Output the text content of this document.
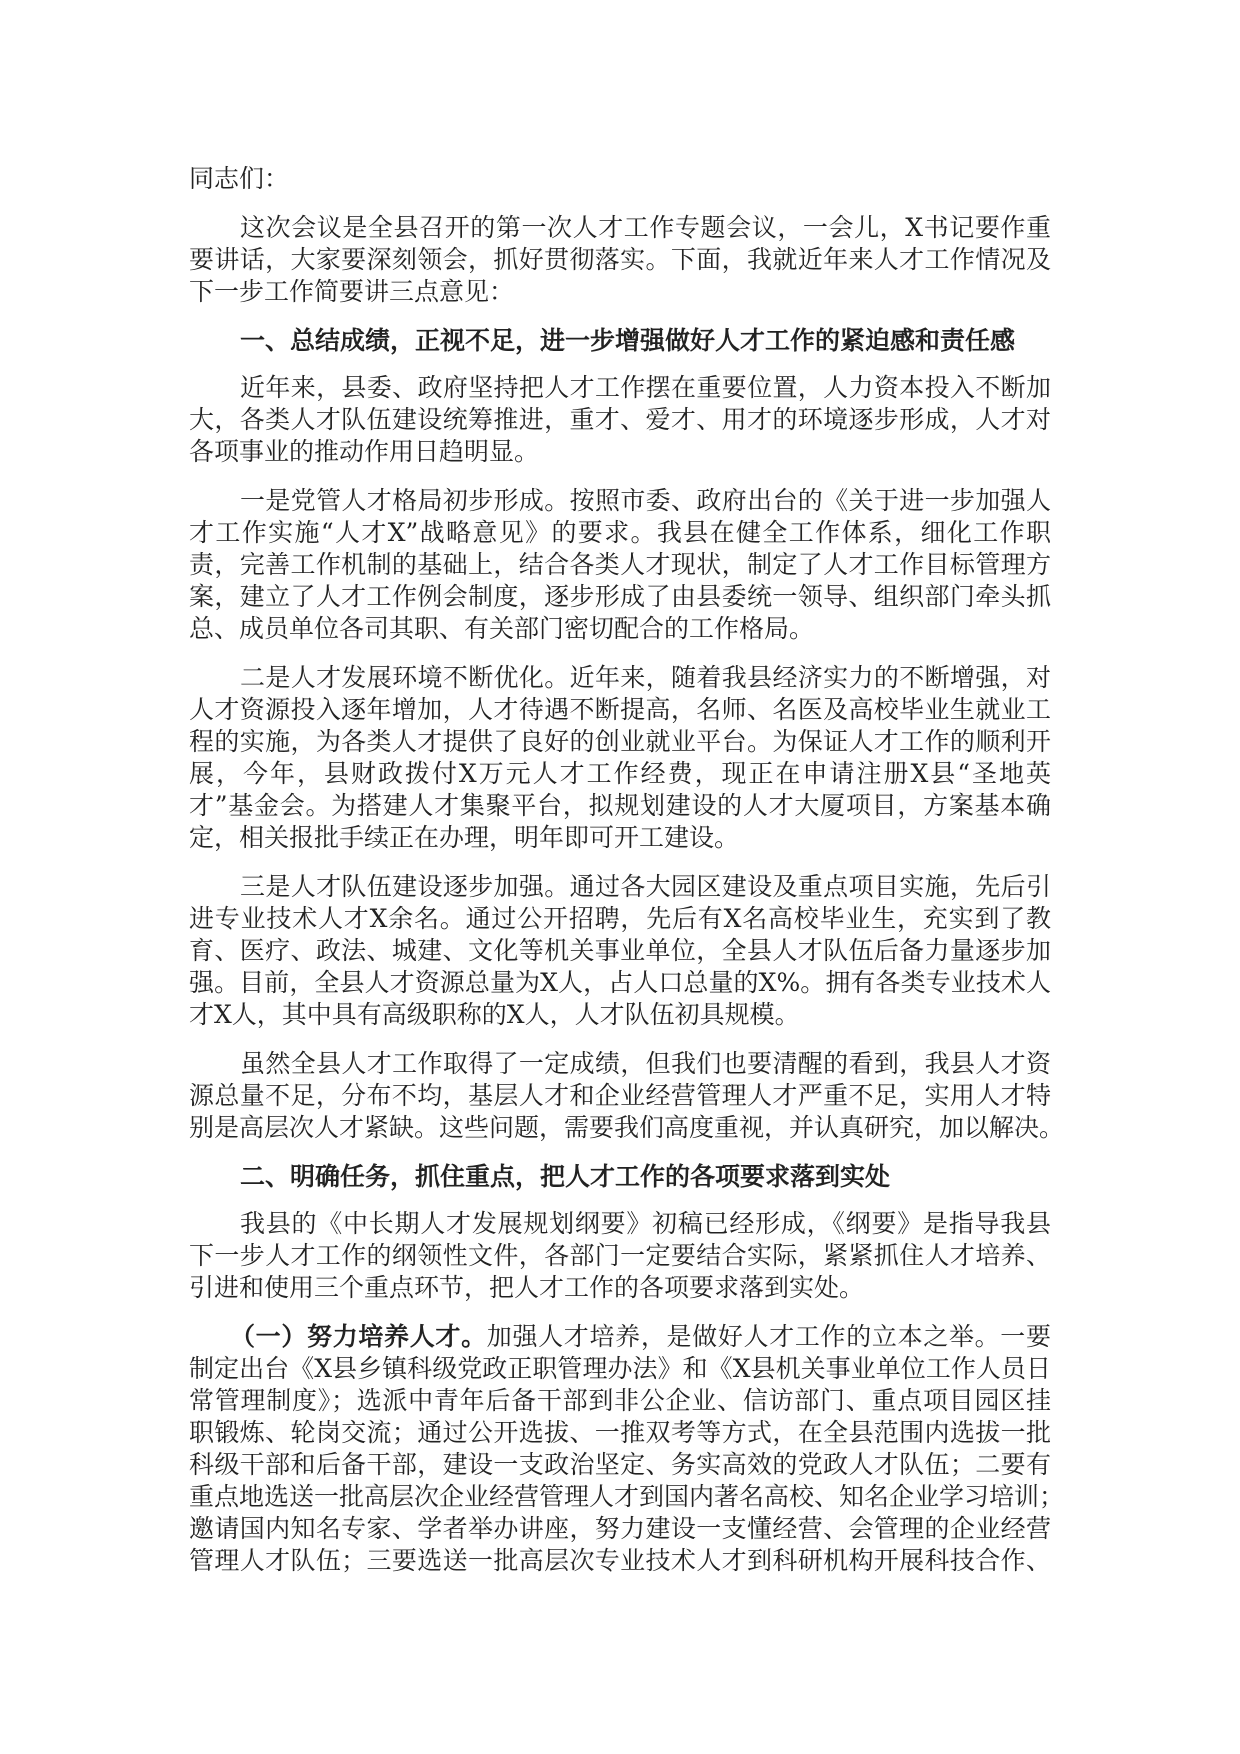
同志们：
这次会议是全县召开的第一次人才工作专题会议，一会儿，X书记要作重
要讲话，大家要深刻领会，抓好贯彻落实。下面，我就近年来人才工作情况及
下一步工作简要讲三点意见：
一、总结成绩，正视不足，进一步增强做好人才工作的紧迫感和责任感
近年来，县委、政府坚持把人才工作摆在重要位置，人力资本投入不断加
大，各类人才队伍建设统筹推进，重才、爱才、用才的环境逐步形成，人才对
各项事业的推动作用日趋明显。
一是党管人才格局初步形成。按照市委、政府出台的《关于进一步加强人
才工作实施“人才X”战略意见》的要求。我县在健全工作体系，细化工作职
责，完善工作机制的基础上，结合各类人才现状，制定了人才工作目标管理方
案，建立了人才工作例会制度，逐步形成了由县委统一领导、组织部门牵头抓
总、成员单位各司其职、有关部门密切配合的工作格局。
二是人才发展环境不断优化。近年来，随着我县经济实力的不断增强，对
人才资源投入逐年增加，人才待遇不断提高，名师、名医及高校毕业生就业工
程的实施，为各类人才提供了良好的创业就业平台。为保证人才工作的顺利开
展，今年，县财政拨付X万元人才工作经费，现正在申请注册X县“圣地英
才”基金会。为搭建人才集聚平台，拟规划建设的人才大厦项目，方案基本确
定，相关报批手续正在办理，明年即可开工建设。
三是人才队伍建设逐步加强。通过各大园区建设及重点项目实施，先后引
进专业技术人才X余名。通过公开招聘，先后有X名高校毕业生，充实到了教
育、医疗、政法、城建、文化等机关事业单位，全县人才队伍后备力量逐步加
强。目前，全县人才资源总量为X人，占人口总量的X%。拥有各类专业技术人
才X人，其中具有高级职称的X人，人才队伍初具规模。
虽然全县人才工作取得了一定成绩，但我们也要清醒的看到，我县人才资
源总量不足，分布不均，基层人才和企业经营管理人才严重不足，实用人才特
别是高层次人才紧缺。这些问题，需要我们高度重视，并认真研究，加以解决。
二、明确任务，抓住重点，把人才工作的各项要求落到实处
我县的《中长期人才发展规划纲要》初稿已经形成，《纲要》是指导我县
下一步人才工作的纲领性文件，各部门一定要结合实际，紧紧抓住人才培养、
引进和使用三个重点环节，把人才工作的各项要求落到实处。
（一）努力培养人才。加强人才培养，是做好人才工作的立本之举。一要
制定出台《X县乡镇科级党政正职管理办法》和《X县机关事业单位工作人员日
常管理制度》；选派中青年后备干部到非公企业、信访部门、重点项目园区挂
职锻炼、轮岗交流；通过公开选拔、一推双考等方式，在全县范围内选拔一批
科级干部和后备干部，建设一支政治坚定、务实高效的党政人才队伍；二要有
重点地选送一批高层次企业经营管理人才到国内著名高校、知名企业学习培训；
邀请国内知名专家、学者举办讲座，努力建设一支懂经营、会管理的企业经营
管理人才队伍；三要选送一批高层次专业技术人才到科研机构开展科技合作、
